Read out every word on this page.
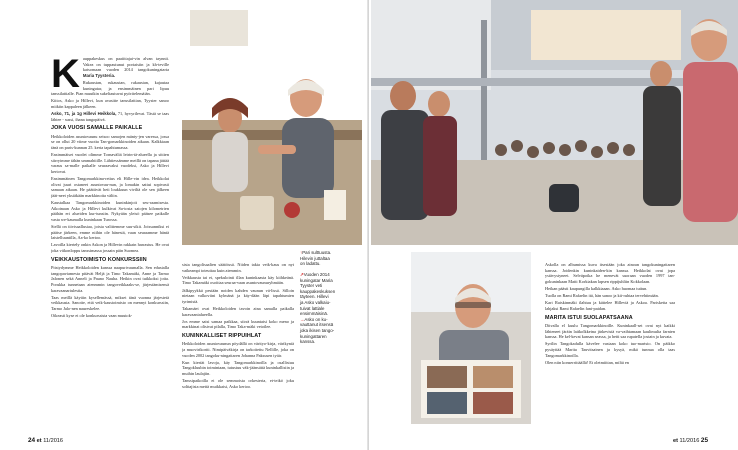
K auppakeskus on paaiittajai-vin alvan taynnii. Vakea on tuppautunut portaisiin ja kh-teville katsomaan vuoden 2014 tangokuningatarta Maria Tyysteria.

Rukaustan, rukaustan, rukaustan, kajautaa kuningatar, ja ensimmäinen pari lipuu tanssilattialle. Pian muutkin sukeltautuvat pyöritelemäiän.

Kiitos, Asko ja Hillevi, kun avasitte tanssilattian, Tyyster sanoo miikiin kappaleen jälkeen.

Asko, 71, ja 1g Hillevi Heikkola, 71, hyvyrilevat. Tästä se taas lähtee - sussi, ihana tangopäivä.

JOKA VUOSI SAMALLE PAIKALLE

Heikkoloiden asuntovaunu seisoo samojen mänty-jen varessa, jossa se on ollut 20 viime vuotta Tan-gomarkkinoiden aikaan. Kalkkiaan tänä on paris-kunnan 25. kerta tapahtumassa.

Ensimmäiset vuodet olimme Tornaväliä leirin-tä-alueella ja sittten siirryimme tähän ummahtiille. Lähtiessämme meillä on tapana jättää varaus sa-malle paikalle seuraavaksi vuodeksi, Asko ja Hillevi kertovat.

Ensimmäinen Tangomarkkina-retius eli Hille-vin idea. Heikkolat olivat juuri ostaneet asuntovau-nun, ja lomakin sattui sopivasti samaan aikaan. He päättivät heti loukkuun viviltä ole sen jälkeen jäät-neet yksiäkään markkinoita väliin.

Kaustalkaa Tangomarkkinoiden kuninkinjoit seu-raamisesta. Aikoinaan Asko ja Hillevi kulkivat Sa-tosta saiojen kilometrien päähän eri alueiden kur-tunsiin. Nykyään yleisö pääsee paikalle vasta we-kaumalla kuninkaan Turossa.

Siellä on tiivisaallusiaa, joista valittemme suu-sikit. Joissanniksi ei päätse järkeen, emme niihin ole hänestä, vaan seuraamme häntä laistelluuntilla, Aa-ko kertoo.

Lavoilla kierteły onkin Askon ja Hillevin rakkain harrastus. He ovat joka viikonloppu tanssimassa jossain päin Suomea.

VEIKKAUSTOIMISTO KONKURSSIIN

Pitstydymme Heikkoloiden kanssa naapurivaumalla. Sen edustalla tangopaviamesta pitävät Heljä ja Timo Takamäki, Anne ja Tarmo Jalonen sekä Anneli ja Pauno Nauha. Heikin ovat tuikkoksi jotta. Porukka tunnetaan aienmmin tangoveikkaaks-se, järjestämisensä karavaanariulestia.

Taas meillä käytiin kysellemässä, mikset tänä vuonna järjestetä veikkausta. Sanotte, että veik-kaustoimisto on mennyt konkurssiin, Tarmo Jalo-nen naureskelee.

Oikeasti kyse ei ole konkurssista vaan muutok-

sista tangolisaalien säätöissä. Niiden takia veik-kaus on nyt vaikeampi toteuttaa kuin aiemmin.

Veikkausta tai ei, spekulointi illan kuninkaasta käy kiihkeänä. Timo Takamäki osoittaa seuraa-vaan asuntovaunuryhmään.

Jälkipyykkä pestään noiden kahden vaunun vä-lissä. Silloin nietaan valkoviini kylmänä ja käy-dään läpi tapahtumien tyrimistä.

Takamäet ovat Heikkoloiden tavoin aina samalla paikalla karavaanialueella.

Jos emme saisi samaa paikkaa, siirrä kuuntaisi koko meno ja markkinat olisivat pilalla, Timo Taka-mäki vetoilee.

KUNINKALLISET RIPPUIHLAT

Heikkoloiden asuntovaunun pöydällä on värityo-kirja, värikyniä ja muovirikortti. Nimipäiväkirja on tarkoitettu Nellille, joka on vuoden 2002 tangoku-ningattaren Johanna Paksusen tytär.

Kun kiertät lavoja, käy Tangomarkkinoilla ja osallistuu Tangokluubin toimintaan, tutustuu väk-jäänsättä kuninkallisiin ja muihin laulajiin.

Tanssipaikoilla ei ole semmoista orkesteria, et-teikö joku solttajista mettä muikkaisi, Asko kertoo.

↑Pari sulttuusta.
Hilevin juttaltaa
on ladattu.
↗Vuoden 2014
kuningatar Maria
Tyyster veti
kauppakeskuksen
täyteen. Hillevi
ja Asko valkaiu-
tuivat lattiale
ensimmäisinä.
→Asko on ku-
vauttanut itsensä
joka ikisen tango-
kuningattaren
kanssa.
24 et 11/2016

Askolla on albumissa kuva itsestään joka ainoan tangokuningattaren kanssa. Joidenkin kuninkaiden-kin kanssa. Heikkolat ovat jopa ystävystyneet. Selväpoika he menevät suoraan vuoden 1997 tan-gokuninkaan Matti Korkiakan lapsen rippijuhliin Kokkolaan.

Heikan päästi kaupungilla kalkkiaaan. Asko huomaa tuttun.

Tuolla on Rami Rafaelin itä, hän sanoo ja kii-ruhtaa tervehtimään.

Kari Raiskinmäki ilahtuu ja kättelee Hilleviä ja Askoa. Parisketta saa lahjaksi Rami Rafaelin fani-paidan.

MARITA ISTUI SUOLAPATSAANA

Ditvalla el kuulu Tangomarkkinoille. Kuninkaall-set ovat nyt kaikki lähteneet järäin laitkolkkeina järkevistä va-vaihtamaan kaulimulta farnien kanssa. He kel-kevat kansan seassa, ja hetti saa rupatella jostain ja kuvata.

Syrilin Tangokadulla kävelee vastaan koko tuo-martsio. On päikko pysäyttää Marita Tauvitsainen ja kysyä, mikä tunnua olla taas Tangomarkkinoilla.

Olen niin konserrittäällä! Et oletmiittan, miltä en

et 11/2016 25
